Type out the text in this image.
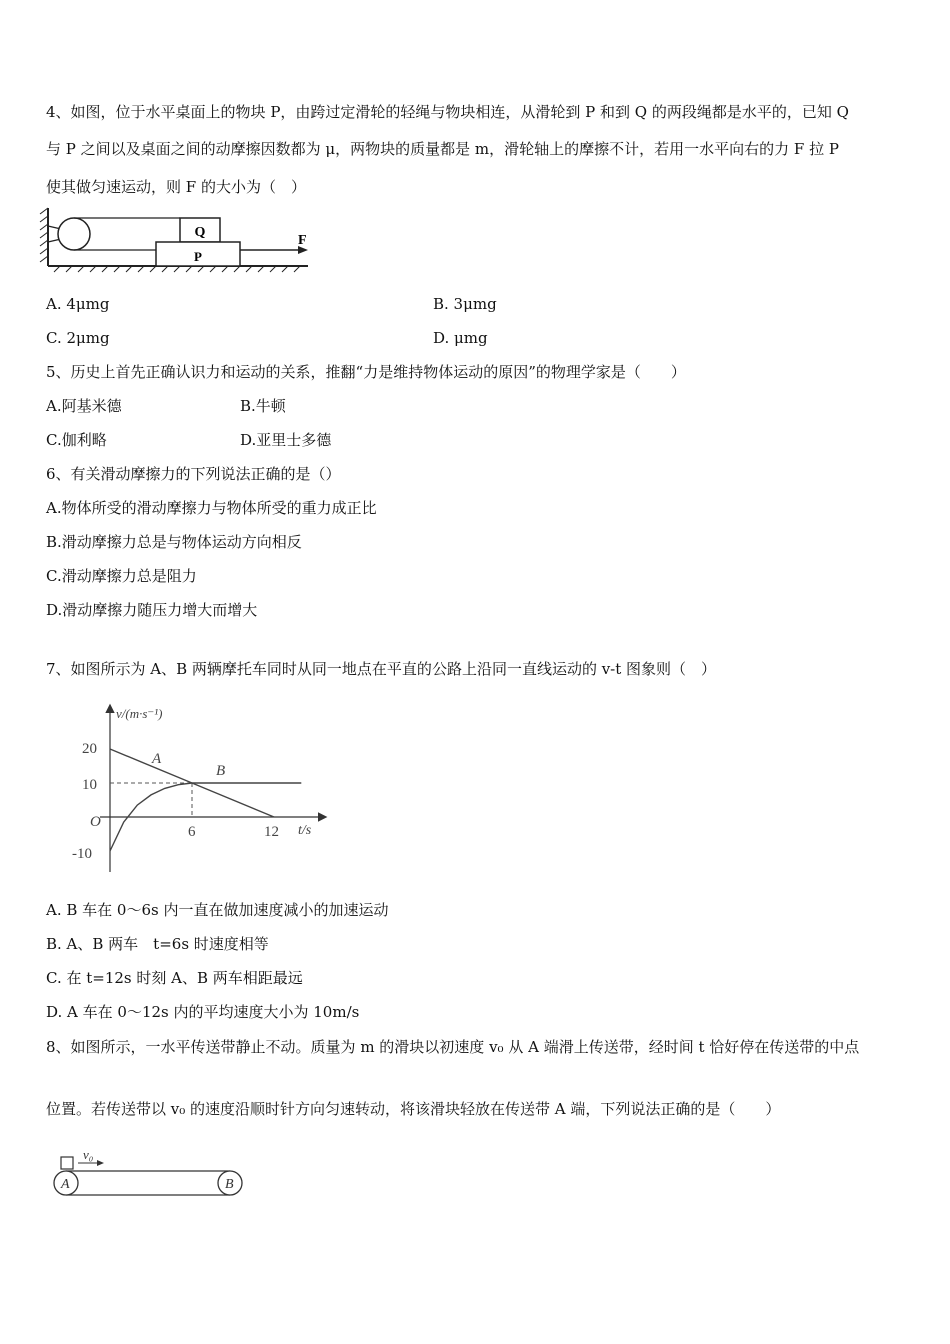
4、如图，位于水平桌面上的物块 P，由跨过定滑轮的轻绳与物块相连，从滑轮到 P 和到 Q 的两段绳都是水平的，已知 Q
与 P 之间以及桌面之间的动摩擦因数都为 μ，两物块的质量都是 m，滑轮轴上的摩擦不计，若用一水平向右的力 F 拉 P
使其做匀速运动，则 F 的大小为（　）
Q
P
F
A. 4μmg	B. 3μmg
C. 2μmg	D. μmg
5、历史上首先正确认识力和运动的关系，推翻“力是维持物体运动的原因”的物理学家是（　　）
A.阿基米德	B.牛顿
C.伽利略	D.亚里士多德
6、有关滑动摩擦力的下列说法正确的是（）
A.物体所受的滑动摩擦力与物体所受的重力成正比
B.滑动摩擦力总是与物体运动方向相反
C.滑动摩擦力总是阻力
D.滑动摩擦力随压力增大而增大
7、如图所示为 A、B 两辆摩托车同时从同一地点在平直的公路上沿同一直线运动的 v-t 图象则（　）
v/(m·s⁻¹)
t/s
O
6	12
20
10
-10
A
B
A. B 车在 0～6s 内一直在做加速度减小的加速运动
B. A、B 两车　t=6s 时速度相等
C. 在 t=12s 时刻 A、B 两车相距最远
D. A 车在 0～12s 内的平均速度大小为 10m/s
8、如图所示，一水平传送带静止不动。质量为 m 的滑块以初速度 v₀ 从 A 端滑上传送带，经时间 t 恰好停在传送带的中点
位置。若传送带以 v₀ 的速度沿顺时针方向匀速转动，将该滑块轻放在传送带 A 端，下列说法正确的是（　　）
v₀
A	B
